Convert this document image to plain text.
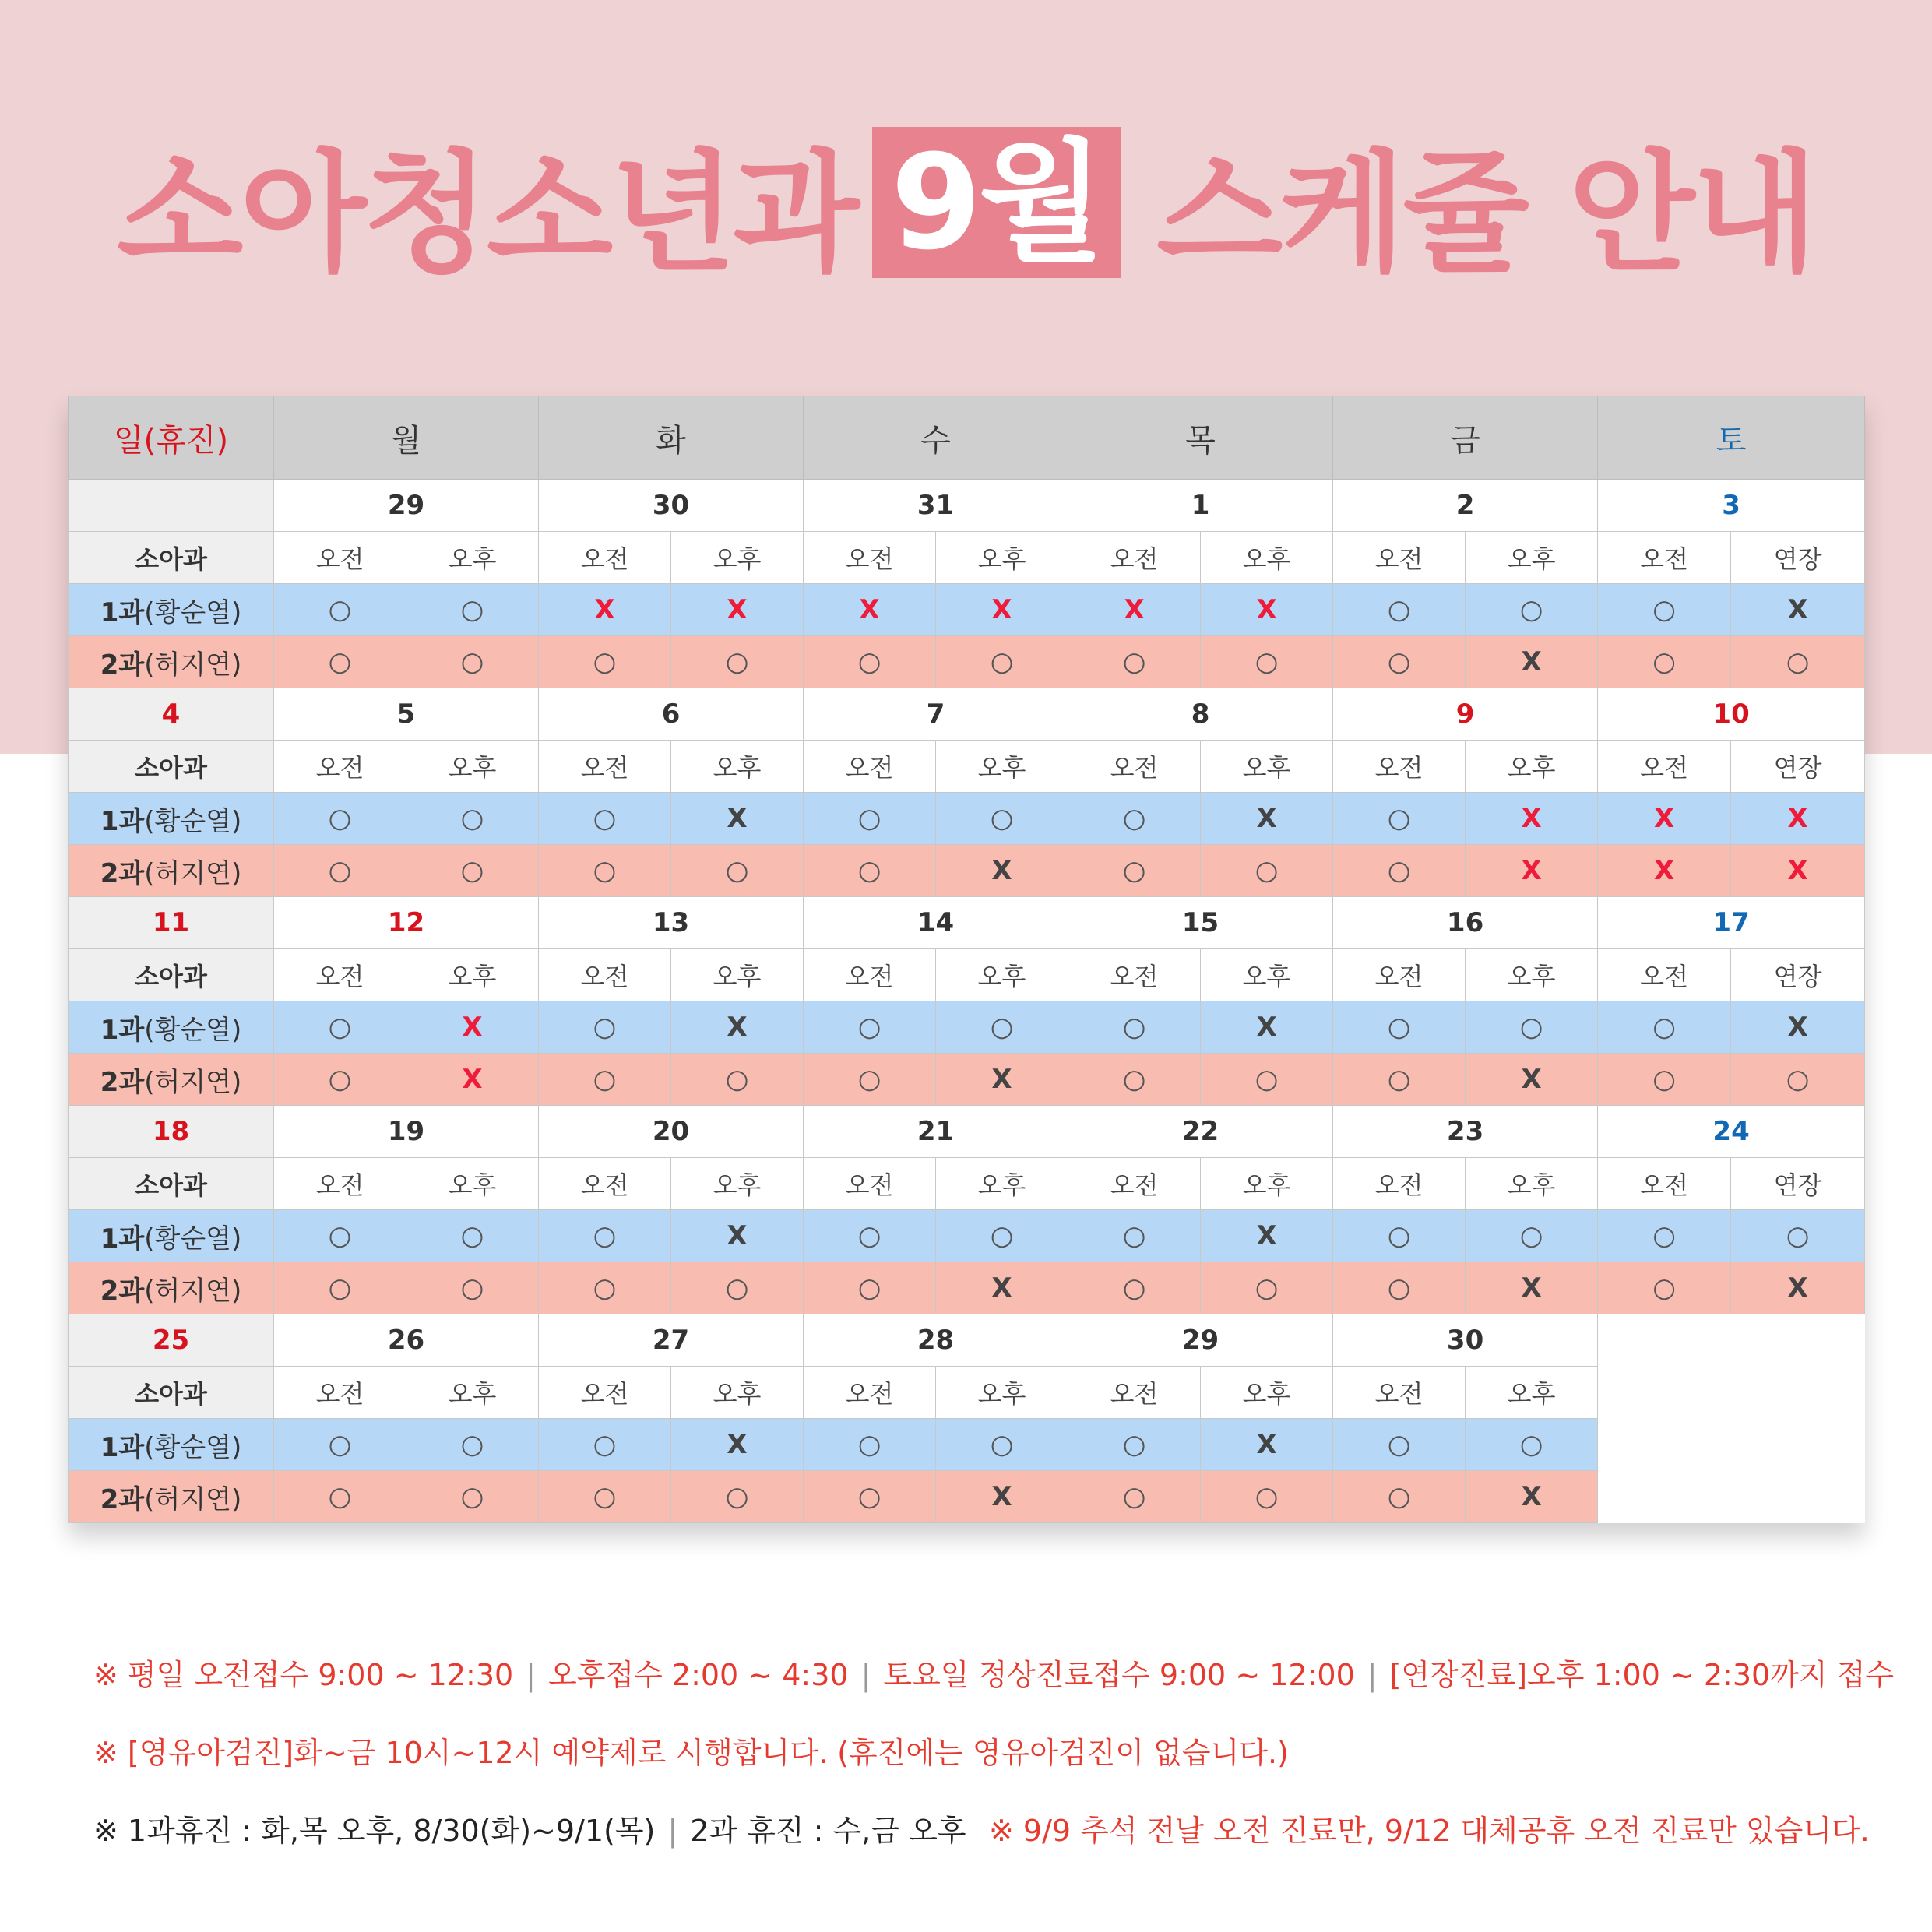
소아청소년과 9월 스케쥴 안내
일(휴진)	월		화		수		목		금		토	
	29		30		31		1		2		3	
소아과	오전	오후	오전	오후	오전	오후	오전	오후	오전	오후	오전	연장
1과(황순열)	○	○	X	X	X	X	X	X	○	○	○	X
2과(허지연)	○	○	○	○	○	○	○	○	○	X	○	○
4	5		6		7		8		9		10	
소아과	오전	오후	오전	오후	오전	오후	오전	오후	오전	오후	오전	연장
1과(황순열)	○	○	○	X	○	○	○	X	○	X	X	X
2과(허지연)	○	○	○	○	○	X	○	○	○	X	X	X
11	12		13		14		15		16		17	
소아과	오전	오후	오전	오후	오전	오후	오전	오후	오전	오후	오전	연장
1과(황순열)	○	X	○	X	○	○	○	X	○	○	○	X
2과(허지연)	○	X	○	○	○	X	○	○	○	X	○	○
18	19		20		21		22		23		24	
소아과	오전	오후	오전	오후	오전	오후	오전	오후	오전	오후	오전	연장
1과(황순열)	○	○	○	X	○	○	○	X	○	○	○	○
2과(허지연)	○	○	○	○	○	X	○	○	○	X	○	X
25	26		27		28		29		30			
소아과	오전	오후	오전	오후	오전	오후	오전	오후	오전	오후		
1과(황순열)	○	○	○	X	○	○	○	X	○	○		
2과(허지연)	○	○	○	○	○	X	○	○	○	X		
※ 평일 오전접수 9:00 ~ 12:30 | 오후접수 2:00 ~ 4:30 | 토요일 정상진료접수 9:00 ~ 12:00 | [연장진료]오후 1:00 ~ 2:30까지 접수
※ [영유아검진]화~금 10시~12시 예약제로 시행합니다. (휴진에는 영유아검진이 없습니다.)
※ 1과휴진 : 화,목 오후, 8/30(화)~9/1(목) | 2과 휴진 : 수,금 오후 ※ 9/9 추석 전날 오전 진료만, 9/12 대체공휴 오전 진료만 있습니다.
